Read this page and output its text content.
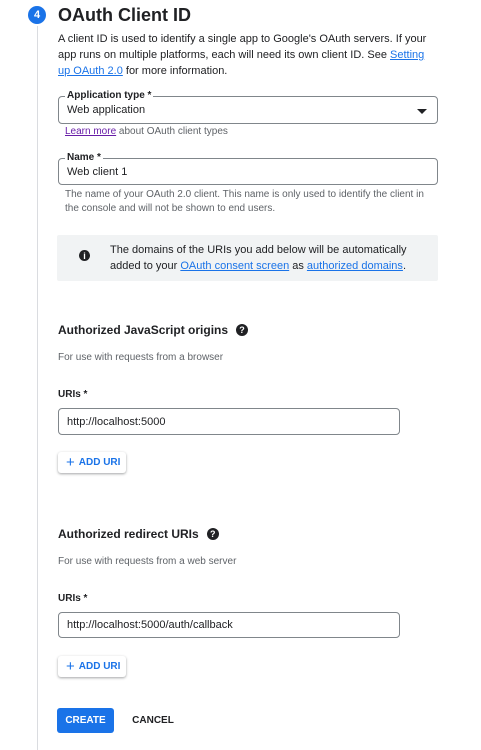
4 OAuth Client ID
A client ID is used to identify a single app to Google's OAuth servers. If your app runs on multiple platforms, each will need its own client ID. See Setting up OAuth 2.0 for more information.
Application type *
Web application
Learn more about OAuth client types
Name *
Web client 1
The name of your OAuth 2.0 client. This name is only used to identify the client in the console and will not be shown to end users.
i	The domains of the URIs you add below will be automatically added to your OAuth consent screen as authorized domains.
Authorized JavaScript origins ?
For use with requests from a browser
URIs *
http://localhost:5000
+ ADD URI
Authorized redirect URIs ?
For use with requests from a web server
URIs *
http://localhost:5000/auth/callback
+ ADD URI
CREATE	CANCEL
